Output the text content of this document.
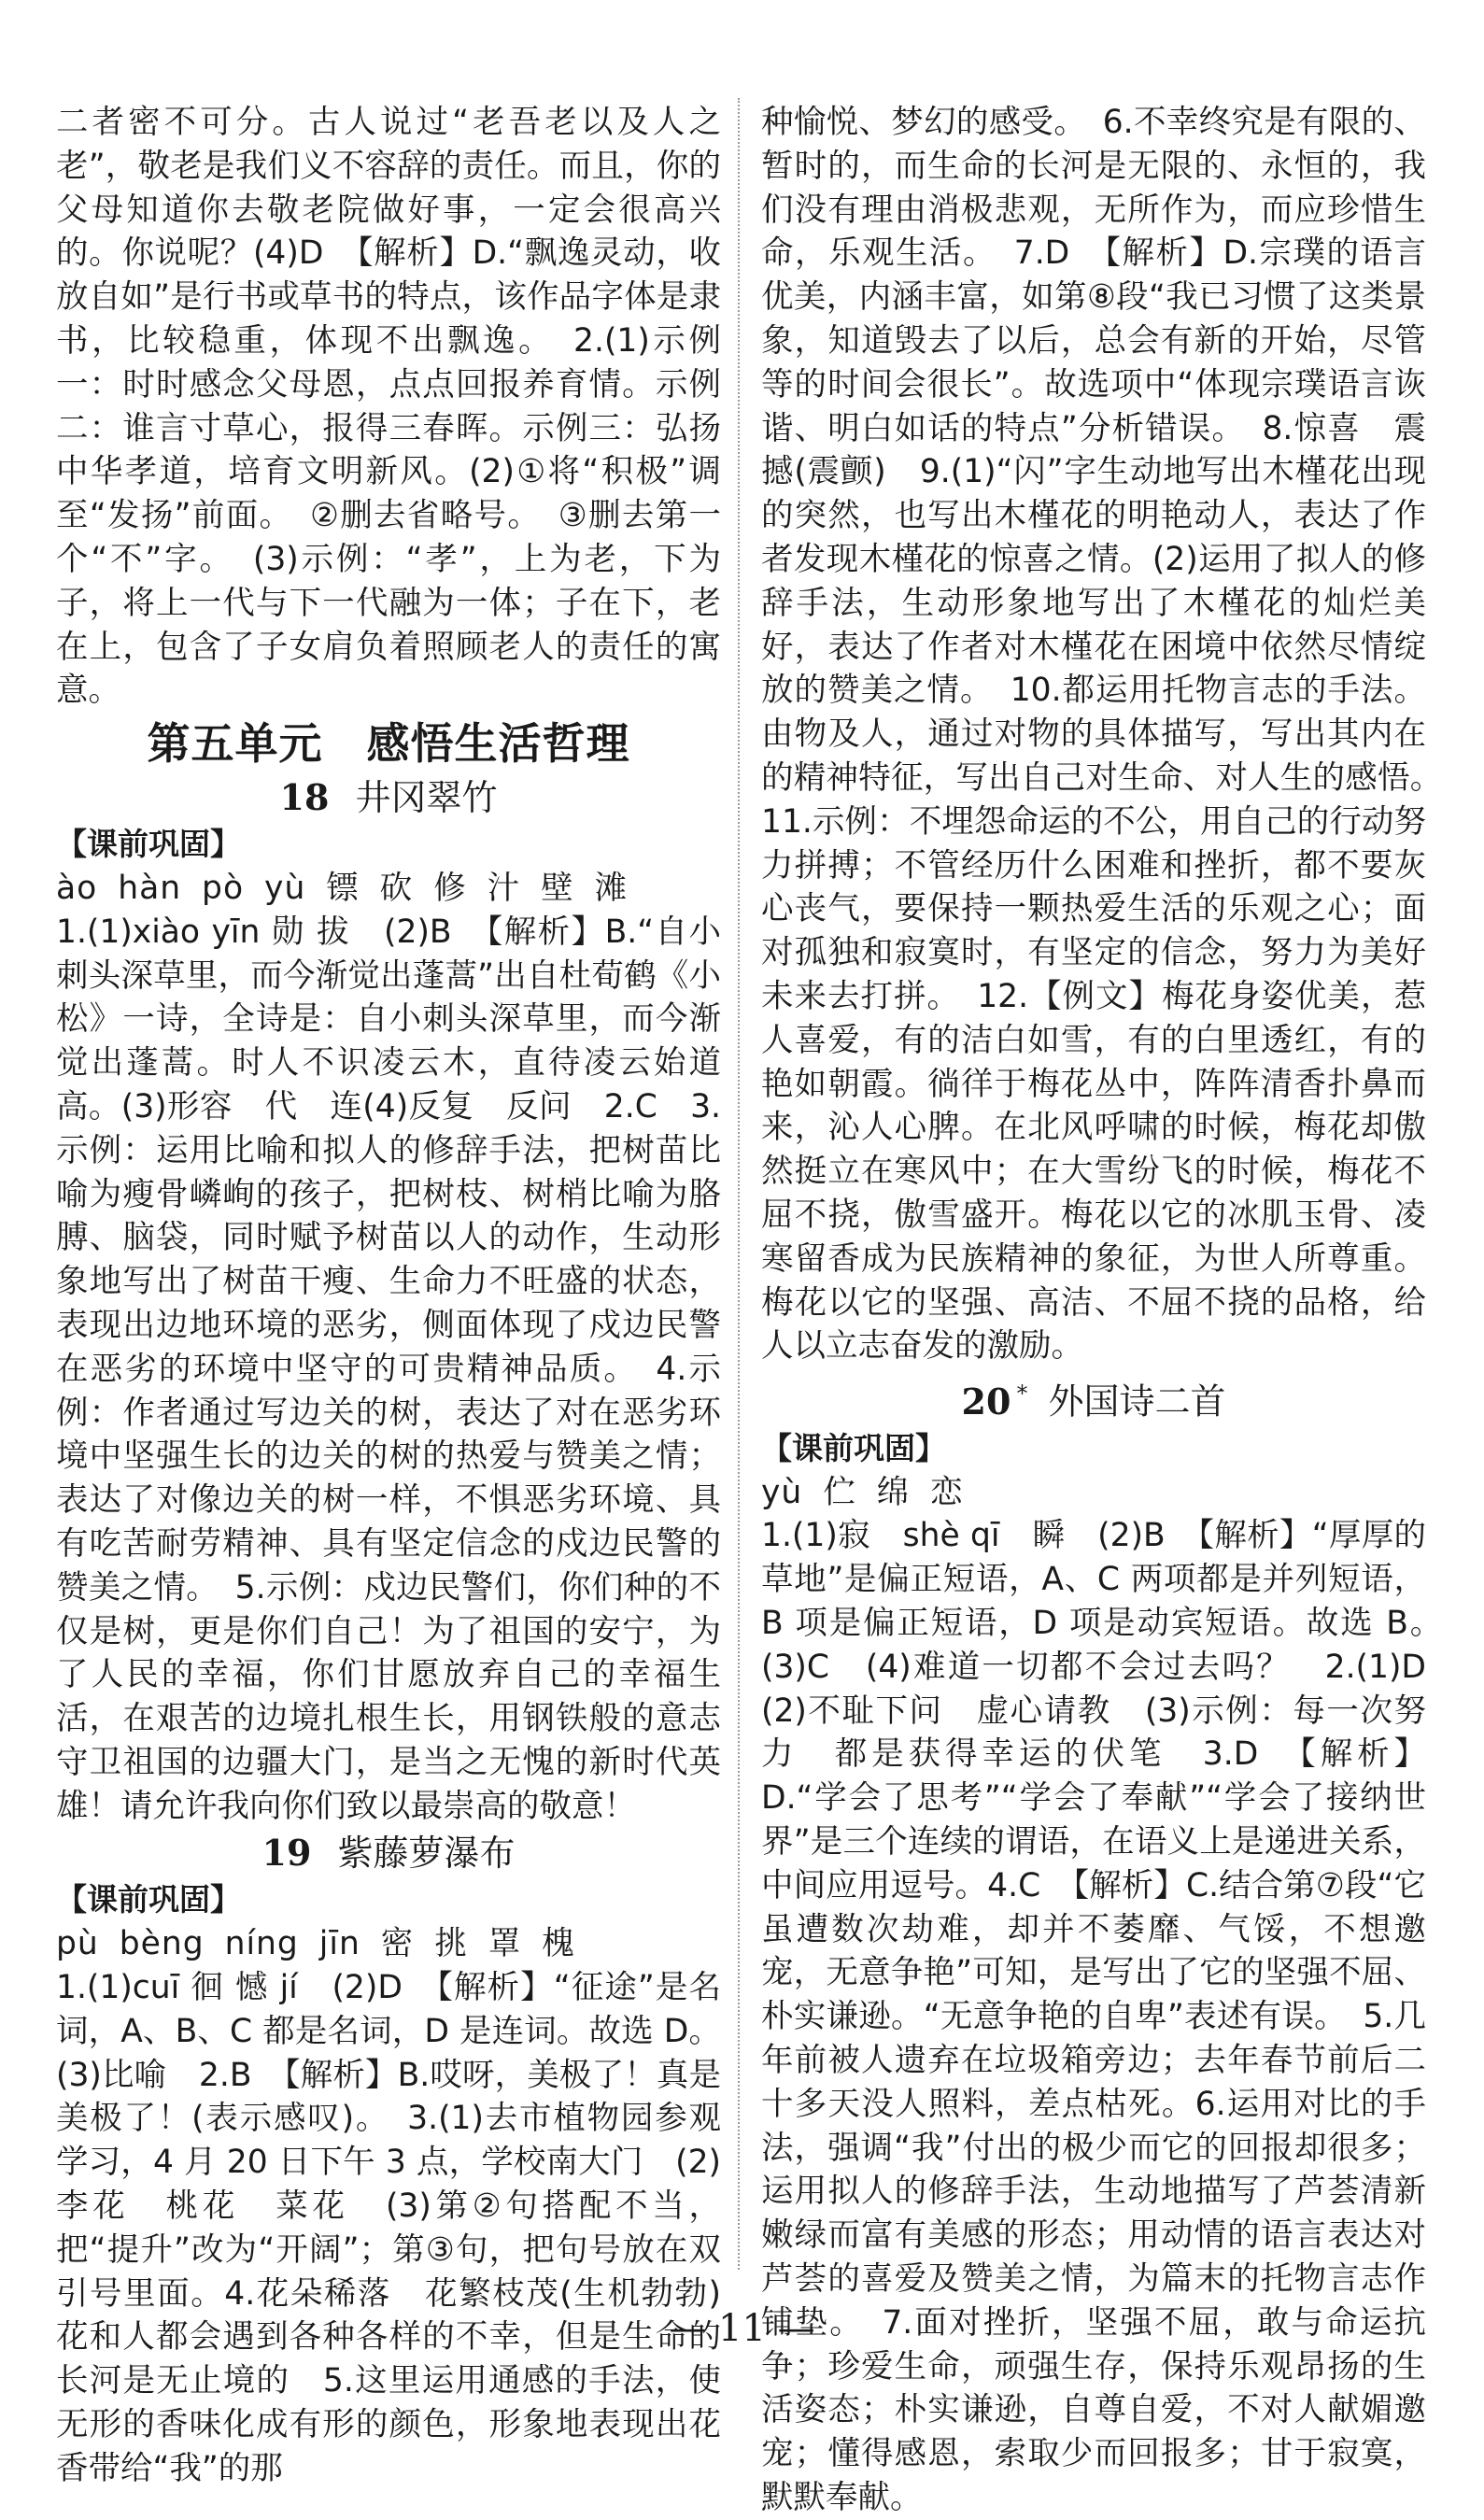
二者密不可分。古人说过“老吾老以及人之老”，敬老是我们义不容辞的责任。而且，你的父母知道你去敬老院做好事，一定会很高兴的。你说呢？(4)D　【解析】D.“飘逸灵动，收放自如”是行书或草书的特点，该作品字体是隶书，比较稳重，体现不出飘逸。　2.(1)示例一：时时感念父母恩，点点回报养育情。示例二：谁言寸草心，报得三春晖。示例三：弘扬中华孝道，培育文明新风。(2)①将“积极”调至“发扬”前面。　②删去省略号。　③删去第一个“不”字。　(3)示例：“孝”，上为老，下为子，将上一代与下一代融为一体；子在下，老在上，包含了子女肩负着照顾老人的责任的寓意。

第五单元　感悟生活哲理
18 井冈翠竹
【课前巩固】
ào hàn pò yù 镖 砍 修 汁 壁 滩

1.(1)xiào yīn 勋 拔　(2)B　【解析】B.“自小刺头深草里，而今渐觉出蓬蒿”出自杜荀鹤《小松》一诗，全诗是：自小刺头深草里，而今渐觉出蓬蒿。时人不识凌云木，直待凌云始道高。(3)形容　代　连(4)反复　反问　2.C　3.示例：运用比喻和拟人的修辞手法，把树苗比喻为瘦骨嶙峋的孩子，把树枝、树梢比喻为胳膊、脑袋，同时赋予树苗以人的动作，生动形象地写出了树苗干瘦、生命力不旺盛的状态，表现出边地环境的恶劣，侧面体现了戍边民警在恶劣的环境中坚守的可贵精神品质。　4.示例：作者通过写边关的树，表达了对在恶劣环境中坚强生长的边关的树的热爱与赞美之情；表达了对像边关的树一样，不惧恶劣环境、具有吃苦耐劳精神、具有坚定信念的戍边民警的赞美之情。　5.示例：戍边民警们，你们种的不仅是树，更是你们自己！为了祖国的安宁，为了人民的幸福，你们甘愿放弃自己的幸福生活，在艰苦的边境扎根生长，用钢铁般的意志守卫祖国的边疆大门，是当之无愧的新时代英雄！请允许我向你们致以最崇高的敬意！

19 紫藤萝瀑布
【课前巩固】
pù bèng níng jīn 密 挑 罩 槐

1.(1)cuī 徊 憾 jí　(2)D　【解析】“征途”是名词，A、B、C 都是名词，D 是连词。故选 D。(3)比喻　2.B　【解析】B.哎呀，美极了！真是美极了！(表示感叹)。　3.(1)去市植物园参观学习，4 月 20 日下午 3 点，学校南大门　(2)李花　桃花　菜花　(3)第②句搭配不当，把“提升”改为“开阔”；第③句，把句号放在双引号里面。4.花朵稀落　花繁枝茂(生机勃勃)　花和人都会遇到各种各样的不幸，但是生命的长河是无止境的　5.这里运用通感的手法，使无形的香味化成有形的颜色，形象地表现出花香带给“我”的那

种愉悦、梦幻的感受。　6.不幸终究是有限的、暂时的，而生命的长河是无限的、永恒的，我们没有理由消极悲观，无所作为，而应珍惜生命，乐观生活。　7.D　【解析】D.宗璞的语言优美，内涵丰富，如第⑧段“我已习惯了这类景象，知道毁去了以后，总会有新的开始，尽管等的时间会很长”。故选项中“体现宗璞语言诙谐、明白如话的特点”分析错误。　8.惊喜　震撼(震颤)　9.(1)“闪”字生动地写出木槿花出现的突然，也写出木槿花的明艳动人，表达了作者发现木槿花的惊喜之情。(2)运用了拟人的修辞手法，生动形象地写出了木槿花的灿烂美好，表达了作者对木槿花在困境中依然尽情绽放的赞美之情。　10.都运用托物言志的手法。由物及人，通过对物的具体描写，写出其内在的精神特征，写出自己对生命、对人生的感悟。　11.示例：不埋怨命运的不公，用自己的行动努力拼搏；不管经历什么困难和挫折，都不要灰心丧气，要保持一颗热爱生活的乐观之心；面对孤独和寂寞时，有坚定的信念，努力为美好未来去打拼。　12.【例文】梅花身姿优美，惹人喜爱，有的洁白如雪，有的白里透红，有的艳如朝霞。徜徉于梅花丛中，阵阵清香扑鼻而来，沁人心脾。在北风呼啸的时候，梅花却傲然挺立在寒风中；在大雪纷飞的时候，梅花不屈不挠，傲雪盛开。梅花以它的冰肌玉骨、凌寒留香成为民族精神的象征，为世人所尊重。梅花以它的坚强、高洁、不屈不挠的品格，给人以立志奋发的激励。

20 * 外国诗二首
【课前巩固】
yù 伫 绵 恋

1.(1)寂　shè qī　瞬　(2)B　【解析】“厚厚的草地”是偏正短语，A、C 两项都是并列短语，B 项是偏正短语，D 项是动宾短语。故选 B。　(3)C　(4)难道一切都不会过去吗？　2.(1)D　(2)不耻下问　虚心请教　(3)示例：每一次努力　都是获得幸运的伏笔　3.D　【解析】D.“学会了思考”“学会了奉献”“学会了接纳世界”是三个连续的谓语，在语义上是递进关系，中间应用逗号。4.C　【解析】C.结合第⑦段“它虽遭数次劫难，却并不萎靡、气馁，不想邀宠，无意争艳”可知，是写出了它的坚强不屈、朴实谦逊。“无意争艳的自卑”表述有误。　5.几年前被人遗弃在垃圾箱旁边；去年春节前后二十多天没人照料，差点枯死。6.运用对比的手法，强调“我”付出的极少而它的回报却很多；运用拟人的修辞手法，生动地描写了芦荟清新嫩绿而富有美感的形态；用动情的语言表达对芦荟的喜爱及赞美之情，为篇末的托物言志作铺垫。　7.面对挫折，坚强不屈，敢与命运抗争；珍爱生命，顽强生存，保持乐观昂扬的生活姿态；朴实谦逊，自尊自爱，不对人献媚邀宠；懂得感恩，索取少而回报多；甘于寂寞，默默奉献。

— 11 —
